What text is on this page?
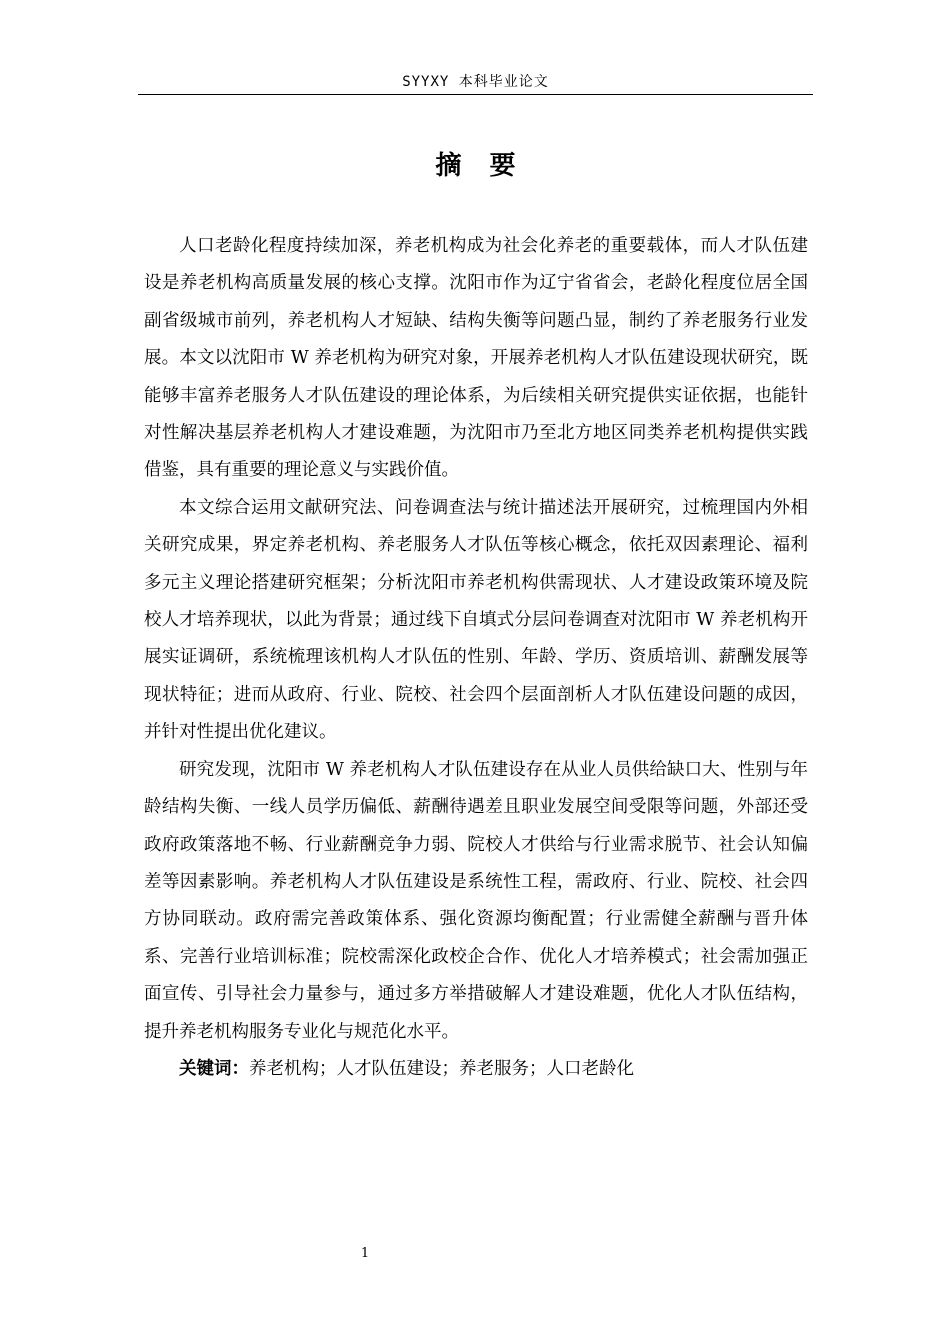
SYYXY 本科毕业论文
摘要

人口老龄化程度持续加深，养老机构成为社会化养老的重要载体，而人才队伍建设是养老机构高质量发展的核心支撑。沈阳市作为辽宁省省会，老龄化程度位居全国副省级城市前列，养老机构人才短缺、结构失衡等问题凸显，制约了养老服务行业发展。本文以沈阳市 W 养老机构为研究对象，开展养老机构人才队伍建设现状研究，既能够丰富养老服务人才队伍建设的理论体系，为后续相关研究提供实证依据，也能针对性解决基层养老机构人才建设难题，为沈阳市乃至北方地区同类养老机构提供实践借鉴，具有重要的理论意义与实践价值。

本文综合运用文献研究法、问卷调查法与统计描述法开展研究，过梳理国内外相关研究成果，界定养老机构、养老服务人才队伍等核心概念，依托双因素理论、福利多元主义理论搭建研究框架；分析沈阳市养老机构供需现状、人才建设政策环境及院校人才培养现状，以此为背景；通过线下自填式分层问卷调查对沈阳市 W 养老机构开展实证调研，系统梳理该机构人才队伍的性别、年龄、学历、资质培训、薪酬发展等现状特征；进而从政府、行业、院校、社会四个层面剖析人才队伍建设问题的成因，并针对性提出优化建议。

研究发现，沈阳市 W 养老机构人才队伍建设存在从业人员供给缺口大、性别与年龄结构失衡、一线人员学历偏低、薪酬待遇差且职业发展空间受限等问题，外部还受政府政策落地不畅、行业薪酬竞争力弱、院校人才供给与行业需求脱节、社会认知偏差等因素影响。养老机构人才队伍建设是系统性工程，需政府、行业、院校、社会四方协同联动。政府需完善政策体系、强化资源均衡配置；行业需健全薪酬与晋升体系、完善行业培训标准；院校需深化政校企合作、优化人才培养模式；社会需加强正面宣传、引导社会力量参与，通过多方举措破解人才建设难题，优化人才队伍结构，提升养老机构服务专业化与规范化水平。

关键词：养老机构；人才队伍建设；养老服务；人口老龄化

1
